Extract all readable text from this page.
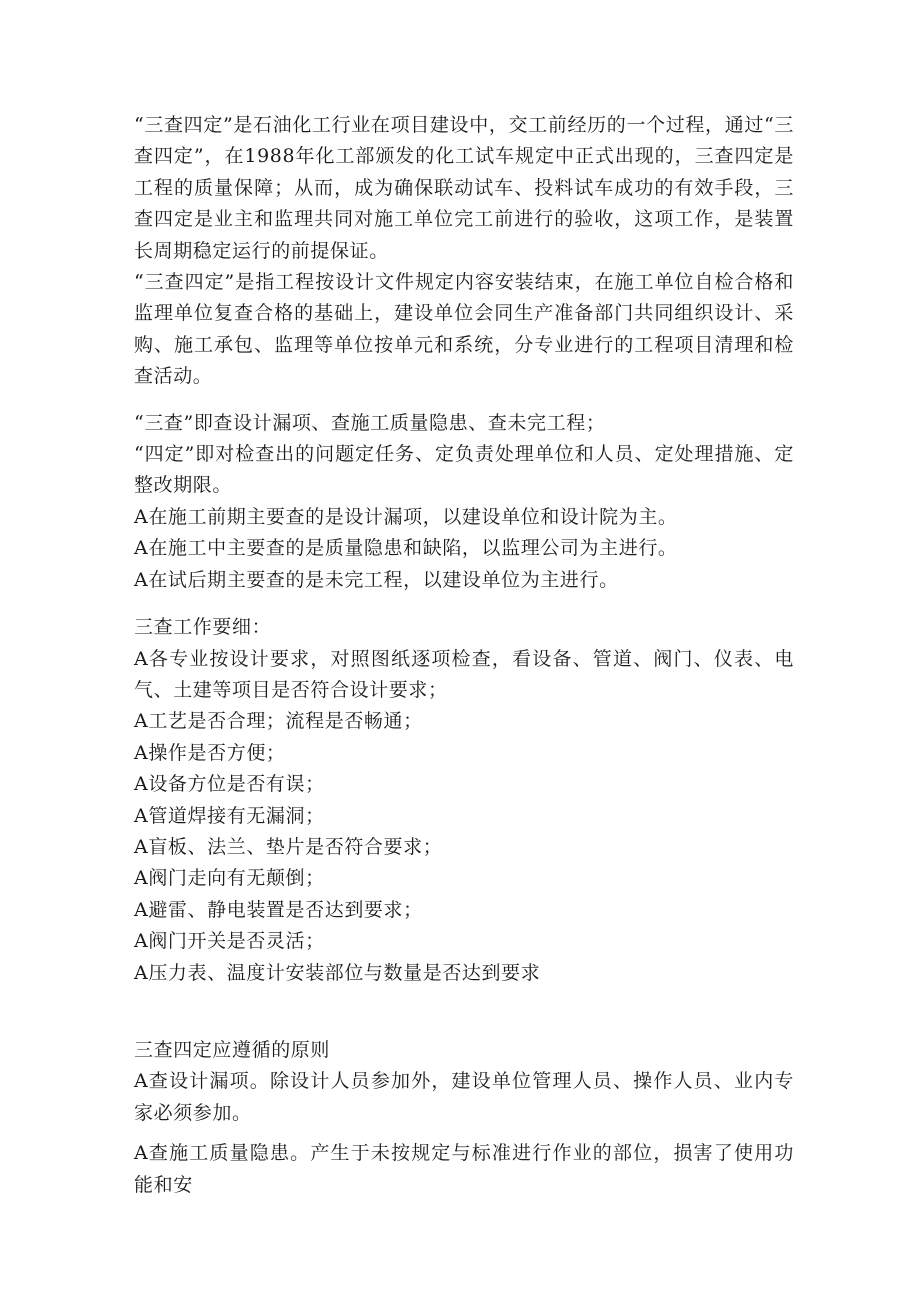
“三查四定”是石油化工行业在项目建设中，交工前经历的一个过程，通过“三查四定”，在1988年化工部颁发的化工试车规定中正式出现的，三查四定是工程的质量保障；从而，成为确保联动试车、投料试车成功的有效手段，三查四定是业主和监理共同对施工单位完工前进行的验收，这项工作，是装置长周期稳定运行的前提保证。

“三查四定”是指工程按设计文件规定内容安装结束，在施工单位自检合格和监理单位复查合格的基础上，建设单位会同生产准备部门共同组织设计、采购、施工承包、监理等单位按单元和系统，分专业进行的工程项目清理和检查活动。

“三查”即查设计漏项、查施工质量隐患、查未完工程；

“四定”即对检查出的问题定任务、定负责处理单位和人员、定处理措施、定整改期限。

A在施工前期主要查的是设计漏项，以建设单位和设计院为主。

A在施工中主要查的是质量隐患和缺陷，以监理公司为主进行。

A在试后期主要查的是未完工程，以建设单位为主进行。

三查工作要细：

A各专业按设计要求，对照图纸逐项检查，看设备、管道、阀门、仪表、电气、土建等项目是否符合设计要求；

A工艺是否合理；流程是否畅通；

A操作是否方便；

A设备方位是否有误；

A管道焊接有无漏洞；

A盲板、法兰、垫片是否符合要求；

A阀门走向有无颠倒；

A避雷、静电装置是否达到要求；

A阀门开关是否灵活；

A压力表、温度计安装部位与数量是否达到要求

三查四定应遵循的原则

A查设计漏项。除设计人员参加外，建设单位管理人员、操作人员、业内专家必须参加。

A查施工质量隐患。产生于未按规定与标准进行作业的部位，损害了使用功能和安
